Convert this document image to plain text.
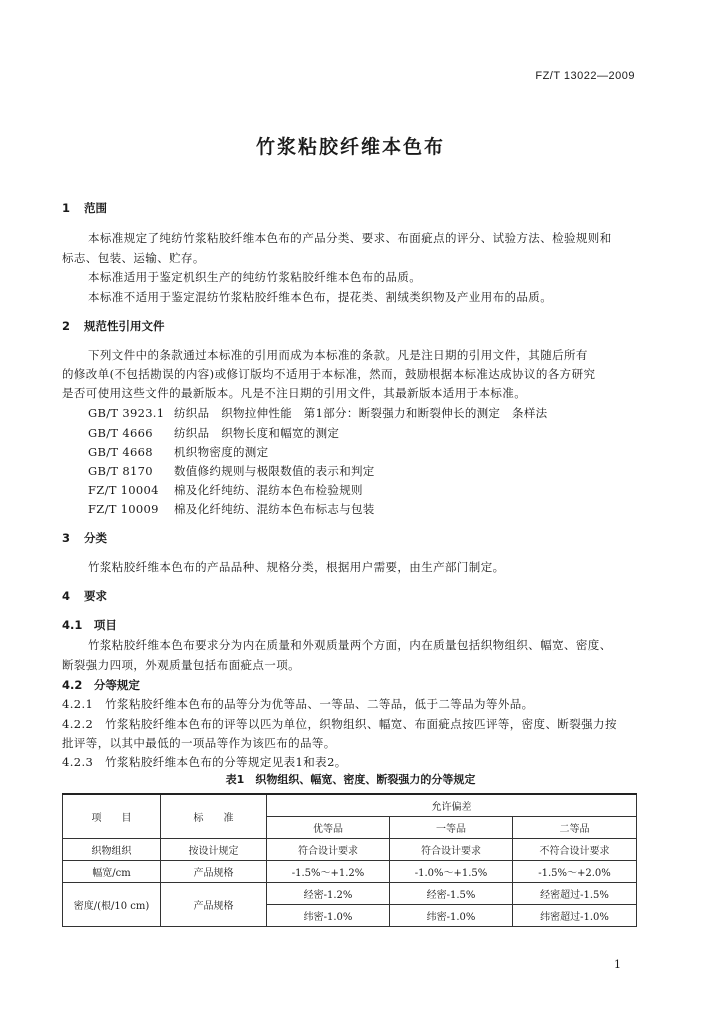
FZ/T 13022—2009
竹浆粘胶纤维本色布
1 范围
本标准规定了纯纺竹浆粘胶纤维本色布的产品分类、要求、布面疵点的评分、试验方法、检验规则和
标志、包装、运输、贮存。
本标准适用于鉴定机织生产的纯纺竹浆粘胶纤维本色布的品质。
本标准不适用于鉴定混纺竹浆粘胶纤维本色布，提花类、割绒类织物及产业用布的品质。
2 规范性引用文件
下列文件中的条款通过本标准的引用而成为本标准的条款。凡是注日期的引用文件，其随后所有
的修改单(不包括勘误的内容)或修订版均不适用于本标准，然而，鼓励根据本标准达成协议的各方研究
是否可使用这些文件的最新版本。凡是不注日期的引用文件，其最新版本适用于本标准。
GB/T 3923.1 纺织品　织物拉伸性能　第1部分：断裂强力和断裂伸长的测定　条样法
GB/T 4666 纺织品　织物长度和幅宽的测定
GB/T 4668 机织物密度的测定
GB/T 8170 数值修约规则与极限数值的表示和判定
FZ/T 10004 棉及化纤纯纺、混纺本色布检验规则
FZ/T 10009 棉及化纤纯纺、混纺本色布标志与包装
3 分类
竹浆粘胶纤维本色布的产品品种、规格分类，根据用户需要，由生产部门制定。
4 要求
4.1　项目
竹浆粘胶纤维本色布要求分为内在质量和外观质量两个方面，内在质量包括织物组织、幅宽、密度、
断裂强力四项，外观质量包括布面疵点一项。
4.2　分等规定
4.2.1　竹浆粘胶纤维本色布的品等分为优等品、一等品、二等品，低于二等品为等外品。
4.2.2　竹浆粘胶纤维本色布的评等以匹为单位，织物组织、幅宽、布面疵点按匹评等，密度、断裂强力按
批评等，以其中最低的一项品等作为该匹布的品等。
4.2.3　竹浆粘胶纤维本色布的分等规定见表1和表2。
表1　织物组织、幅宽、密度、断裂强力的分等规定
项　　目	标　　准	允许偏差		
		优等品	一等品	二等品
织物组织	按设计规定	符合设计要求	符合设计要求	不符合设计要求
幅宽/cm	产品规格	-1.5%～+1.2%	-1.0%～+1.5%	-1.5%～+2.0%
密度/(根/10 cm)	产品规格	经密-1.2%	经密-1.5%	经密超过-1.5%
		纬密-1.0%	纬密-1.0%	纬密超过-1.0%
1
